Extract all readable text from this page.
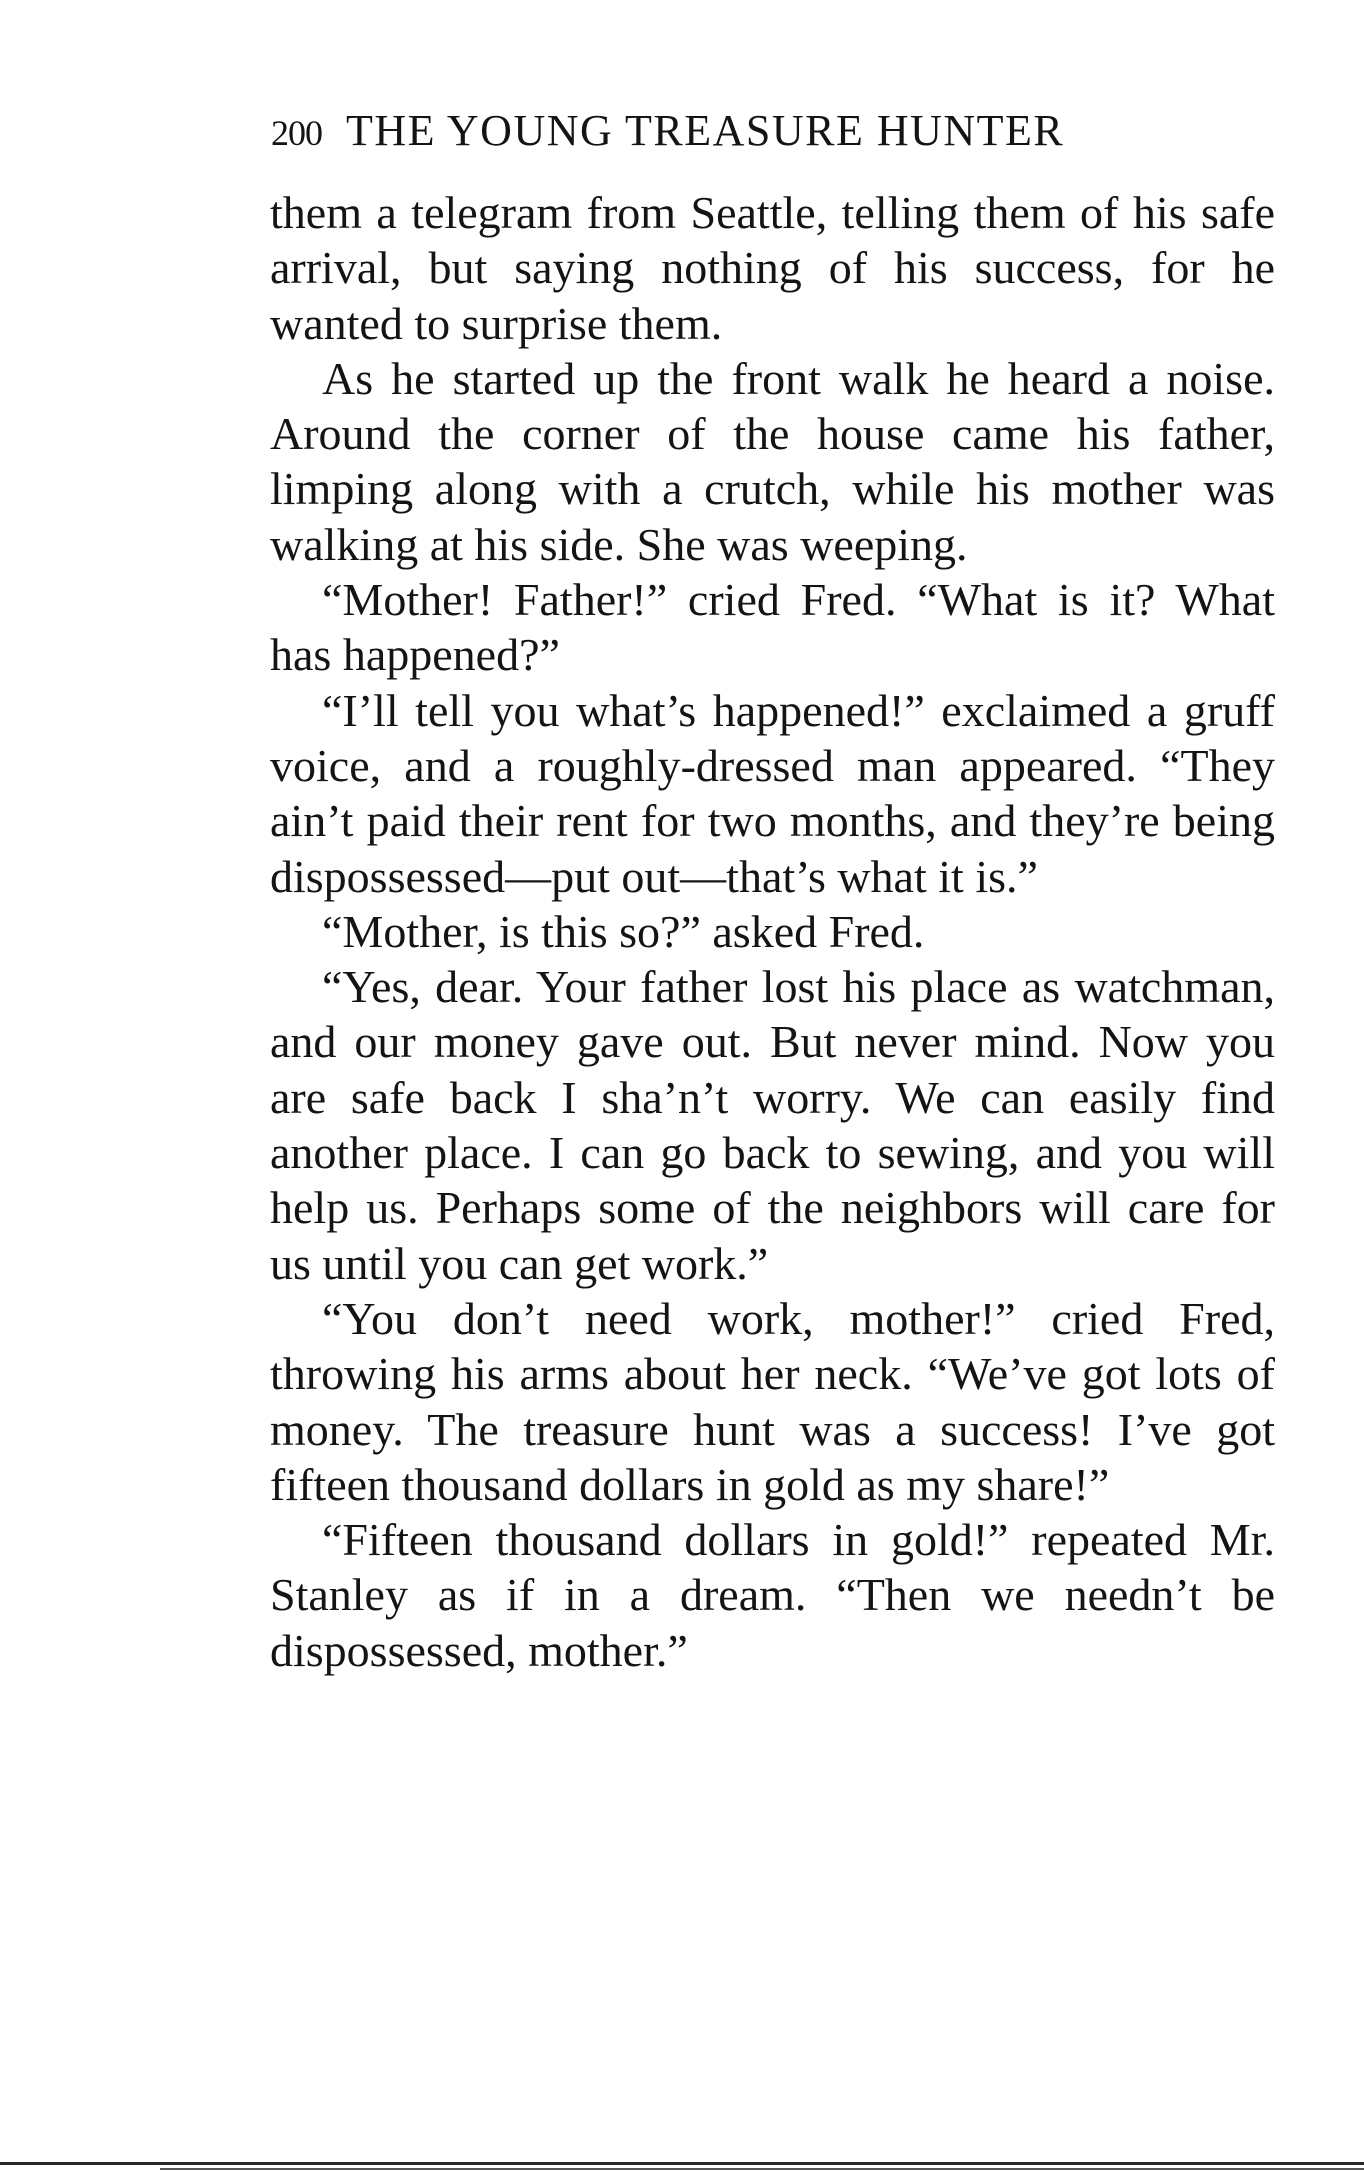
200 THE YOUNG TREASURE HUNTER

them a telegram from Seattle, telling them of his safe arrival, but saying nothing of his success, for he wanted to surprise them.

As he started up the front walk he heard a noise. Around the corner of the house came his father, limping along with a crutch, while his mother was walking at his side. She was weeping.

“Mother! Father!” cried Fred. “What is it? What has happened?”

“I’ll tell you what’s happened!” exclaimed a gruff voice, and a roughly-dressed man appeared. “They ain’t paid their rent for two months, and they’re being dispossessed—put out—that’s what it is.”

“Mother, is this so?” asked Fred.

“Yes, dear. Your father lost his place as watchman, and our money gave out. But never mind. Now you are safe back I sha’n’t worry. We can easily find another place. I can go back to sewing, and you will help us. Perhaps some of the neighbors will care for us until you can get work.”

“You don’t need work, mother!” cried Fred, throwing his arms about her neck. “We’ve got lots of money. The treasure hunt was a success! I’ve got fifteen thousand dollars in gold as my share!”

“Fifteen thousand dollars in gold!” repeated Mr. Stanley as if in a dream. “Then we needn’t be dispossessed, mother.”
